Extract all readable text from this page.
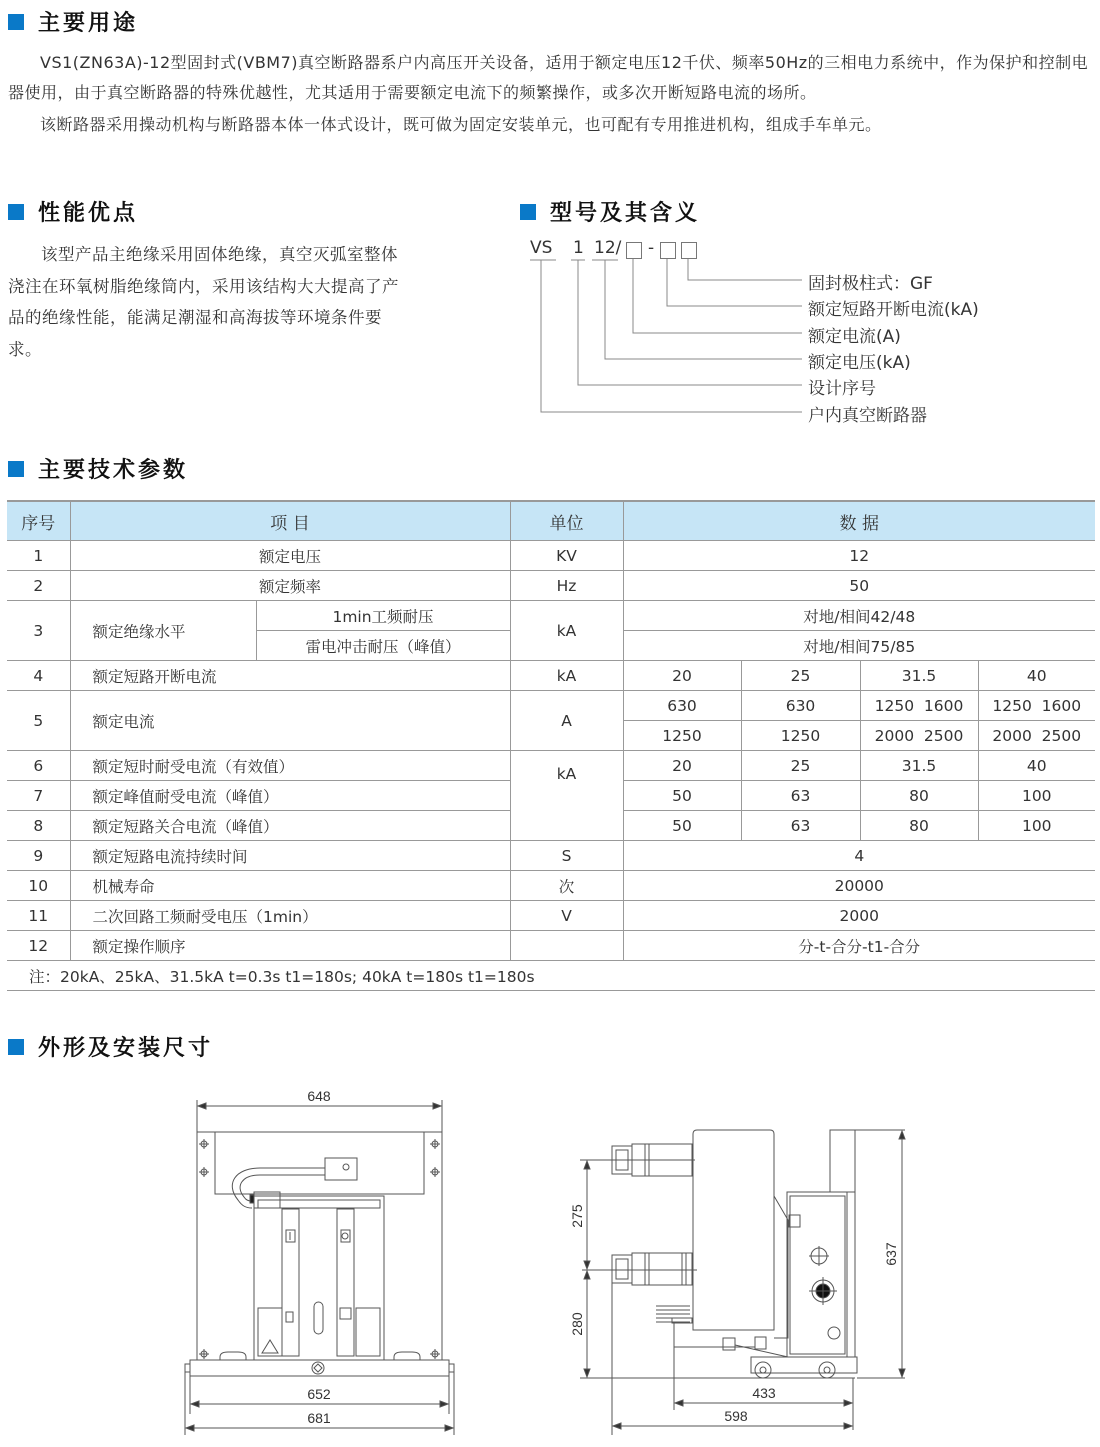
主要用途
VS1(ZN63A)-12型固封式(VBM7)真空断路器系户内高压开关设备，适用于额定电压12千伏、频率50Hz的三相电力系统中，作为保护和控制电器使用，由于真空断路器的特殊优越性，尤其适用于需要额定电流下的频繁操作，或多次开断短路电流的场所。
该断路器采用操动机构与断路器本体一体式设计，既可做为固定安装单元，也可配有专用推进机构，组成手车单元。
性能优点
该型产品主绝缘采用固体绝缘，真空灭弧室整体浇注在环氧树脂绝缘筒内，采用该结构大大提高了产品的绝缘性能，能满足潮湿和高海拔等环境条件要求。
型号及其含义
VS 1 12/ -
固封极柱式：GF
额定短路开断电流(kA)
额定电流(A)
额定电压(kA)
设计序号
户内真空断路器
主要技术参数
序号	项 目		单位	数 据			
1	额定电压		KV	12			
2	额定频率		Hz	50			
3	额定绝缘水平	1min工频耐压	kA	对地/相间42/48			
		雷电冲击耐压（峰值）		对地/相间75/85			
4	额定短路开断电流		kA	20	25	31.5	40
5	额定电流		A	630	630	1250  1600	1250  1600
				1250	1250	2000  2500	2000  2500
6	额定短时耐受电流（有效值）		kA	20	25	31.5	40
7	额定峰值耐受电流（峰值）			50	63	80	100
8	额定短路关合电流（峰值）			50	63	80	100
9	额定短路电流持续时间		S	4			
10	机械寿命		次	20000			
11	二次回路工频耐受电压（1min）		V	2000			
12	额定操作顺序			分-t-合分-t1-合分			
注：20kA、25kA、31.5kA t=0.3s t1=180s; 40kA t=180s t1=180s							
外形及安装尺寸
648
652
681
275
280
637
433
598
